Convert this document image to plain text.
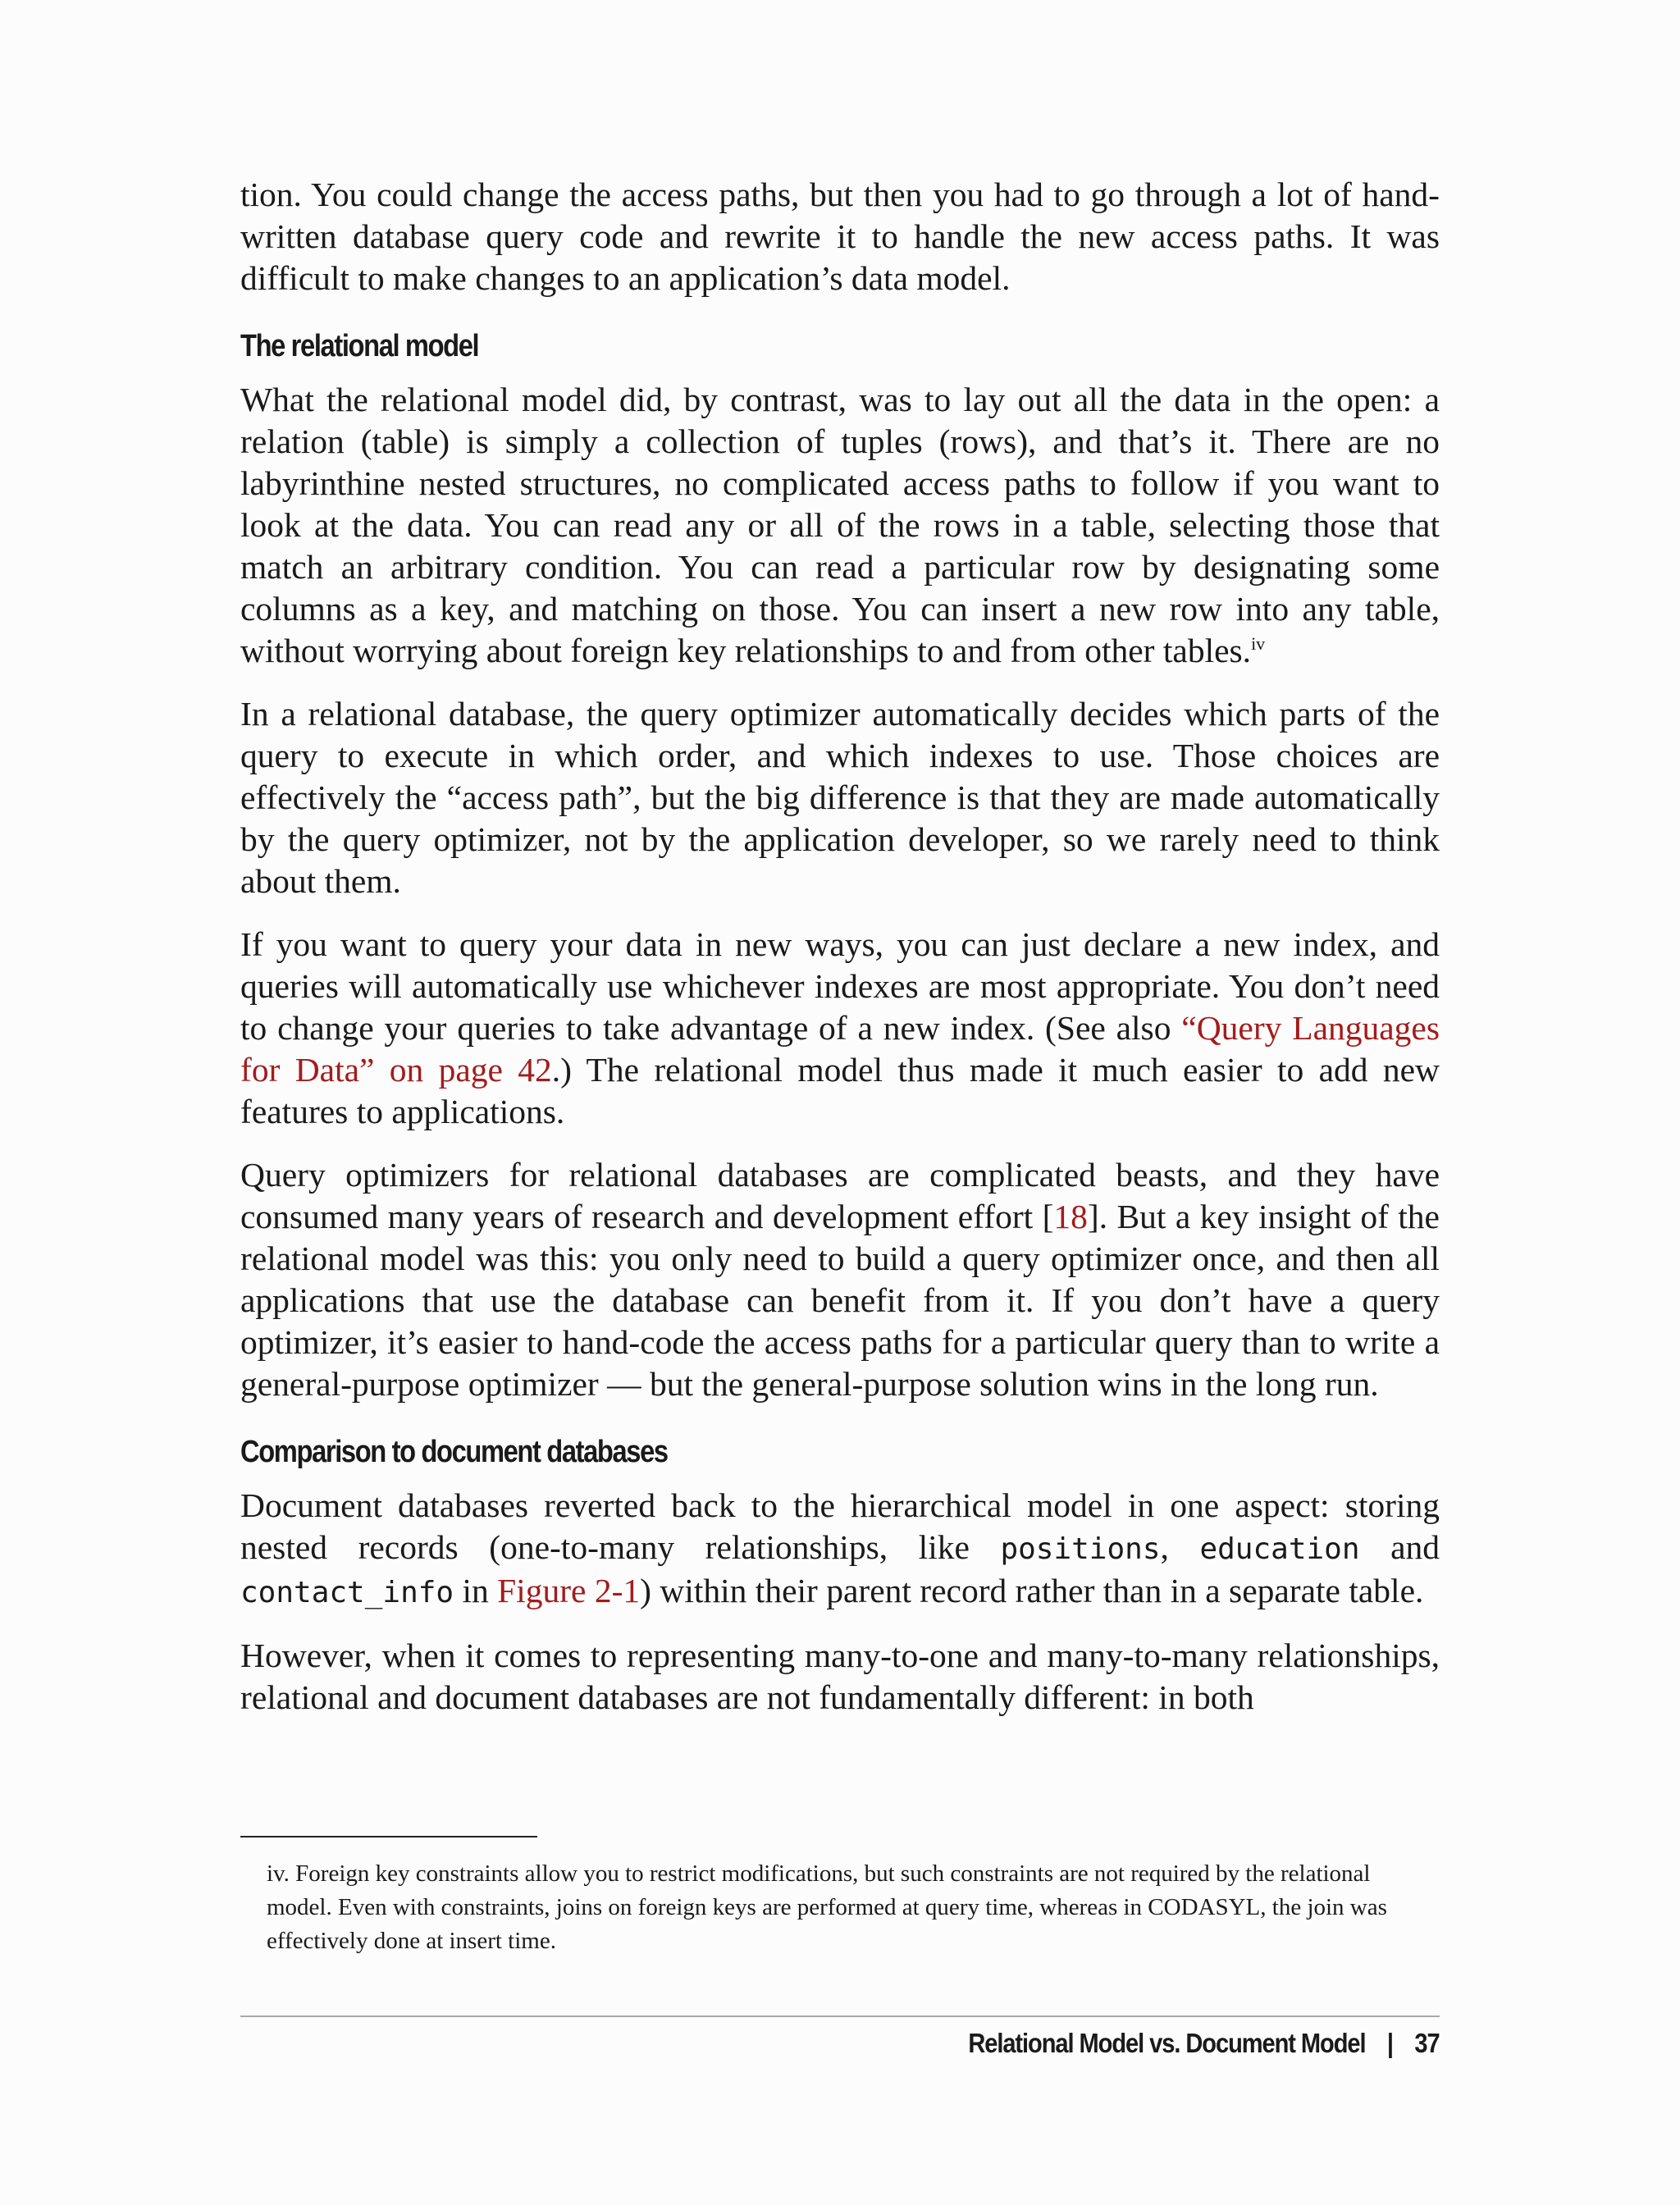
tion. You could change the access paths, but then you had to go through a lot of hand-written database query code and rewrite it to handle the new access paths. It was difficult to make changes to an application’s data model.

The relational model

What the relational model did, by contrast, was to lay out all the data in the open: a relation (table) is simply a collection of tuples (rows), and that’s it. There are no labyrinthine nested structures, no complicated access paths to follow if you want to look at the data. You can read any or all of the rows in a table, selecting those that match an arbitrary condition. You can read a particular row by designating some columns as a key, and matching on those. You can insert a new row into any table, without worrying about foreign key relationships to and from other tables.$^{iv}$

In a relational database, the query optimizer automatically decides which parts of the query to execute in which order, and which indexes to use. Those choices are effectively the “access path”, but the big difference is that they are made automatically by the query optimizer, not by the application developer, so we rarely need to think about them.

If you want to query your data in new ways, you can just declare a new index, and queries will automatically use whichever indexes are most appropriate. You don’t need to change your queries to take advantage of a new index. (See also “Query Languages for Data” on page 42.) The relational model thus made it much easier to add new features to applications.

Query optimizers for relational databases are complicated beasts, and they have consumed many years of research and development effort [18]. But a key insight of the relational model was this: you only need to build a query optimizer once, and then all applications that use the database can benefit from it. If you don’t have a query optimizer, it’s easier to hand-code the access paths for a particular query than to write a general-purpose optimizer — but the general-purpose solution wins in the long run.

Comparison to document databases

Document databases reverted back to the hierarchical model in one aspect: storing nested records (one-to-many relationships, like positions, education and contact_info in Figure 2-1) within their parent record rather than in a separate table.

However, when it comes to representing many-to-one and many-to-many relationships, relational and document databases are not fundamentally different: in both

iv. Foreign key constraints allow you to restrict modifications, but such constraints are not required by the relational model. Even with constraints, joins on foreign keys are performed at query time, whereas in CODASYL, the join was effectively done at insert time.

Relational Model vs. Document Model | 37
